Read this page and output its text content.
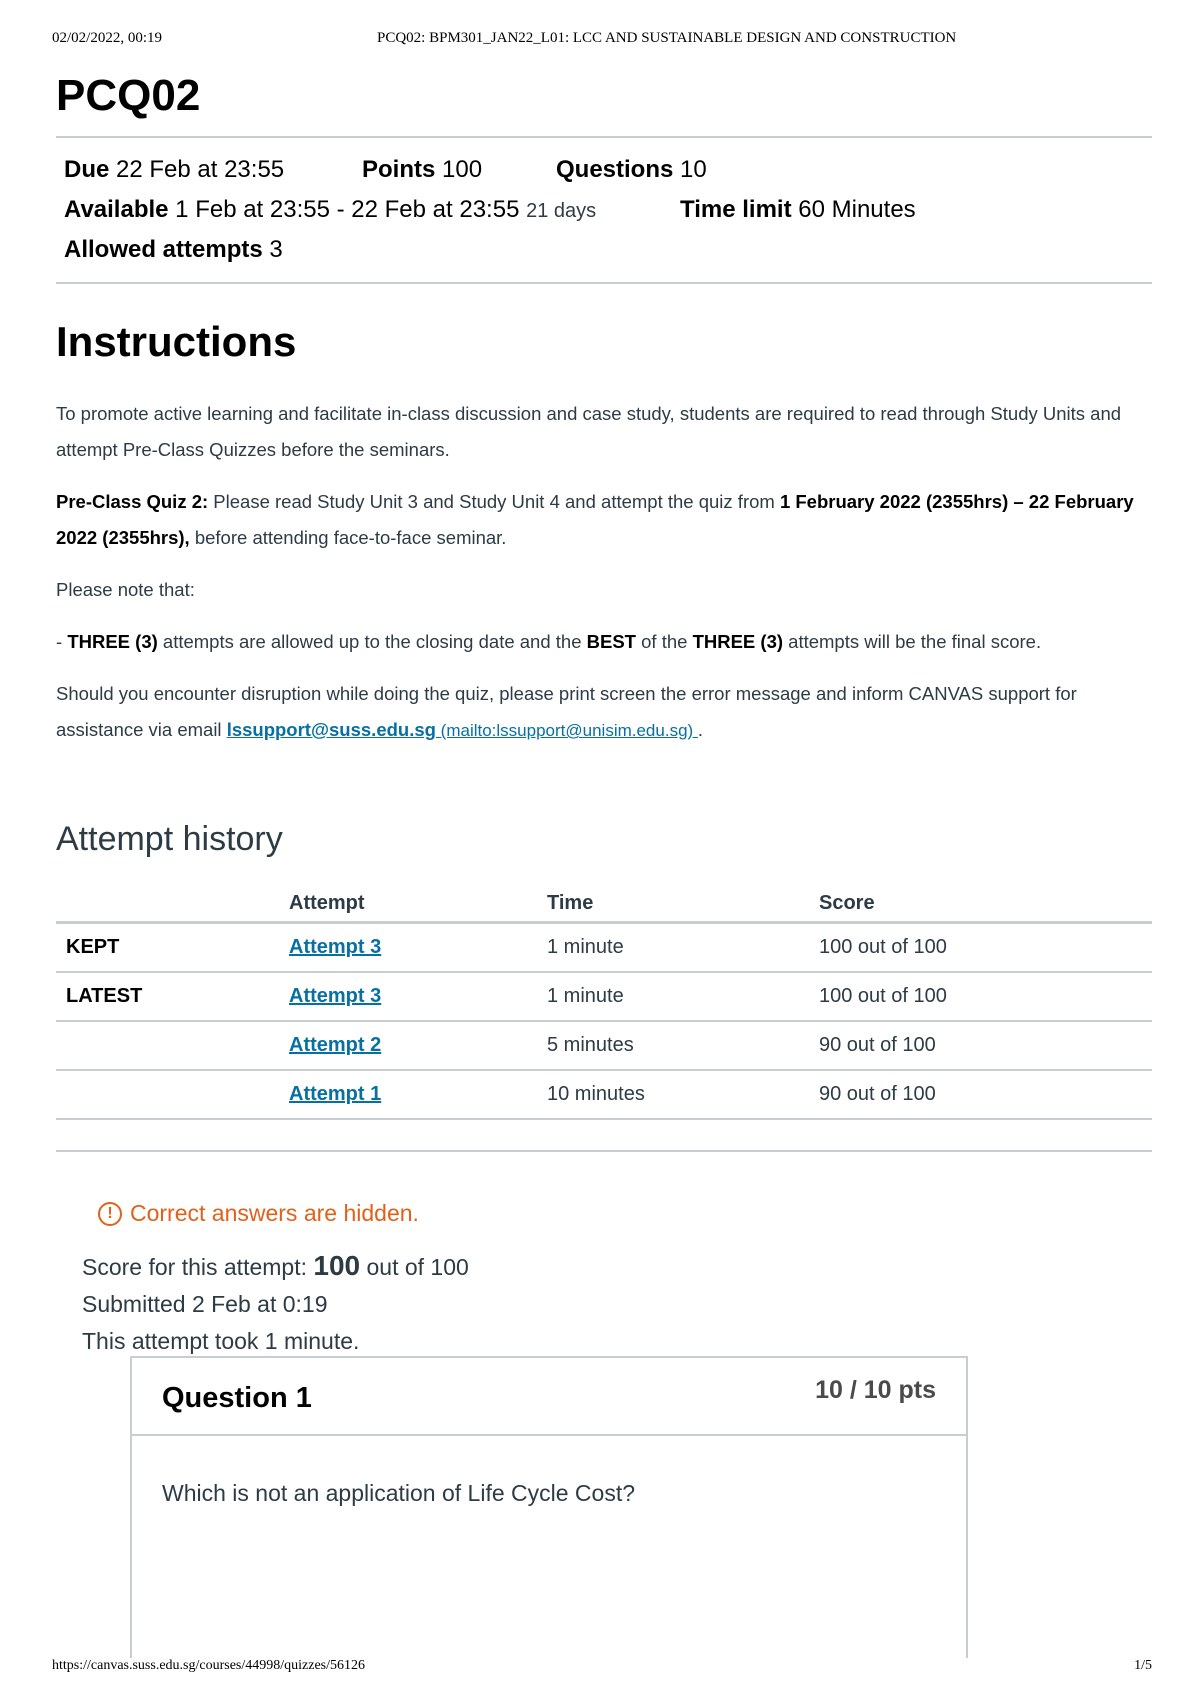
02/02/2022, 00:19	PCQ02: BPM301_JAN22_L01: LCC AND SUSTAINABLE DESIGN AND CONSTRUCTION
PCQ02
Due 22 Feb at 23:55	Points 100	Questions 10
Available 1 Feb at 23:55 - 22 Feb at 23:55 21 days	Time limit 60 Minutes
Allowed attempts 3
Instructions

To promote active learning and facilitate in-class discussion and case study, students are required to read through Study Units and attempt Pre-Class Quizzes before the seminars.

Pre-Class Quiz 2: Please read Study Unit 3 and Study Unit 4 and attempt the quiz from 1 February 2022 (2355hrs) – 22 February 2022 (2355hrs), before attending face-to-face seminar.

Please note that:

- THREE (3) attempts are allowed up to the closing date and the BEST of the THREE (3) attempts will be the final score.

Should you encounter disruption while doing the quiz, please print screen the error message and inform CANVAS support for assistance via email lssupport@suss.edu.sg (mailto:lssupport@unisim.edu.sg) .

Attempt history
	Attempt	Time	Score
KEPT	Attempt 3	1 minute	100 out of 100
LATEST	Attempt 3	1 minute	100 out of 100
	Attempt 2	5 minutes	90 out of 100
	Attempt 1	10 minutes	90 out of 100
! Correct answers are hidden.
Score for this attempt: 100 out of 100
Submitted 2 Feb at 0:19
This attempt took 1 minute.
Question 1	10 / 10 pts
Which is not an application of Life Cycle Cost?
https://canvas.suss.edu.sg/courses/44998/quizzes/56126	1/5
